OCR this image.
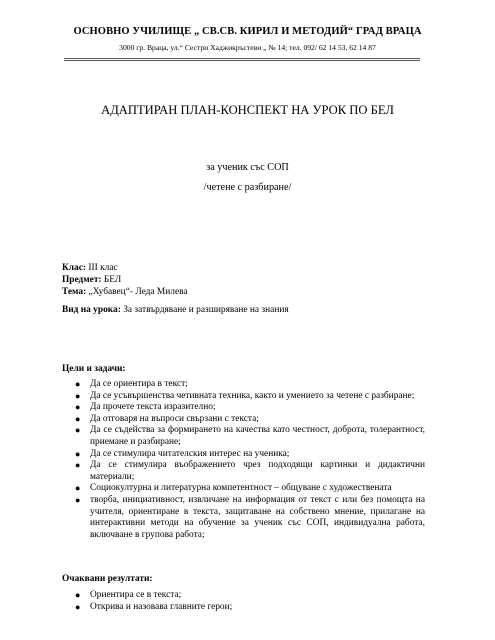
ОСНОВНО УЧИЛИЩЕ „ СВ.СВ. КИРИЛ И МЕТОДИЙ“ ГРАД ВРАЦА
3000 гр. Враца, ул.“ Сестри Хаджикръстеви „ № 14; тел. 092/ 62 14 53, 62 14 87
АДАПТИРАН ПЛАН-КОНСПЕКТ НА УРОК ПО БЕЛ
за ученик със СОП
/четене с разбиране/
Клас: III клас
Предмет: БЕЛ
Тема: „Хубавец“- Леда Милева
Вид на урока: За затвърдяване и разширяване на знания
Цели и задачи:
● Да се ориентира в текст;
● Да се усъвършенства четивната техника, както и умението за четене с разбиране;
● Да прочете текста изразително;
● Да отговаря на въпроси свързани с текста;
● Да се съдейства за формирането на качества като честност, доброта, толерантност, приемане и разбиране;
● Да се стимулира читателския интерес на ученика;
● Да се стимулира въображението чрез подходящи картинки и дидактични материали;
● Социокултурна и литературна компетентност – общуване с художествената
● творба, инициативност, извличане на информация от текст с или без помощта на учителя, ориентиране в текста, защитаване на собствено мнение, прилагане на интерактивни методи на обучение за ученик със СОП, индивидуална работа, включване в групова работа;
Очаквани резултати:
● Ориентира се в текста;
● Открива и назовава главните герои;
